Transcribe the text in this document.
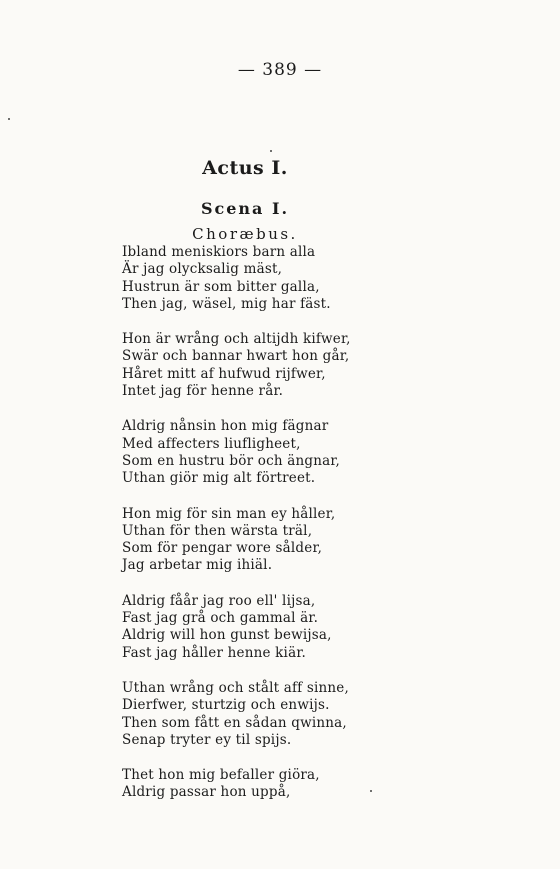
— 389 —
Actus I.
Scena I.
Choræbus.
Ibland meniskiors barn alla
Är jag olycksalig mäst,
Hustrun är som bitter galla,
Then jag, wäsel, mig har fäst.
Hon är wrång och altijdh kifwer,
Swär och bannar hwart hon går,
Håret mitt af hufwud rijfwer,
Intet jag för henne rår.
Aldrig nånsin hon mig fägnar
Med affecters liufligheet,
Som en hustru bör och ängnar,
Uthan giör mig alt förtreet.
Hon mig för sin man ey håller,
Uthan för then wärsta träl,
Som för pengar wore sålder,
Jag arbetar mig ihiäl.
Aldrig fåår jag roo ell' lijsa,
Fast jag grå och gammal är.
Aldrig will hon gunst bewijsa,
Fast jag håller henne kiär.
Uthan wrång och stålt aff sinne,
Dierfwer, sturtzig och enwijs.
Then som fått en sådan qwinna,
Senap tryter ey til spijs.
Thet hon mig befaller giöra,
Aldrig passar hon uppå,
